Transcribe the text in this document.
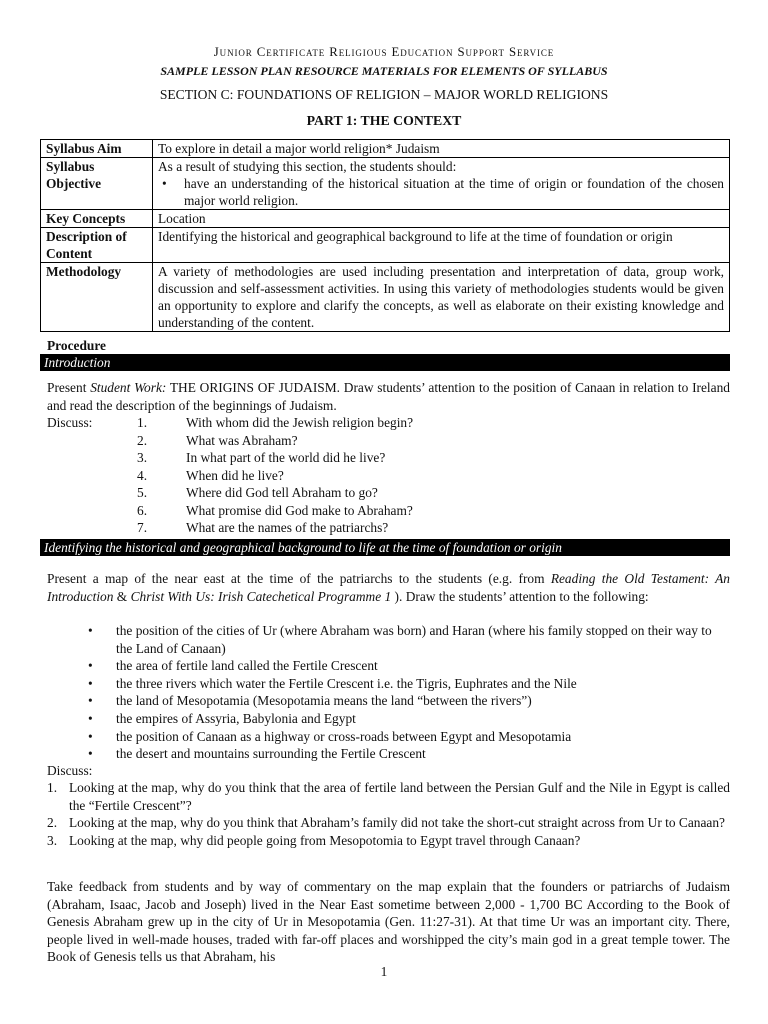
Junior Certificate Religious Education Support Service
SAMPLE LESSON PLAN RESOURCE MATERIALS FOR ELEMENTS OF SYLLABUS
SECTION C: FOUNDATIONS OF RELIGION – MAJOR WORLD RELIGIONS
PART 1: THE CONTEXT
Syllabus Aim	To explore in detail a major world religion* Judaism
Syllabus Objective	As a result of studying this section, the students should:
• have an understanding of the historical situation at the time of origin or foundation of the chosen major world religion.

Key Concepts	Location
Description of Content	Identifying the historical and geographical background to life at the time of foundation or origin
Methodology	A variety of methodologies are used including presentation and interpretation of data, group work, discussion and self-assessment activities. In using this variety of methodologies students would be given an opportunity to explore and clarify the concepts, as well as elaborate on their existing knowledge and understanding of the content.
Procedure
Introduction
Present Student Work: THE ORIGINS OF JUDAISM. Draw students’ attention to the position of Canaan in relation to Ireland and read the description of the beginnings of Judaism.
Discuss:	1.	With whom did the Jewish religion begin?
2.	What was Abraham?
3.	In what part of the world did he live?
4.	When did he live?
5.	Where did God tell Abraham to go?
6.	What promise did God make to Abraham?
7.	What are the names of the patriarchs?
Identifying the historical and geographical background to life at the time of foundation or origin
Present a map of the near east at the time of the patriarchs to the students (e.g. from Reading the Old Testament: An Introduction & Christ With Us: Irish Catechetical Programme 1 ). Draw the students’ attention to the following:
•	the position of the cities of Ur (where Abraham was born) and Haran (where his family stopped on their way to the Land of Canaan)
•	the area of fertile land called the Fertile Crescent
•	the three rivers which water the Fertile Crescent i.e. the Tigris, Euphrates and the Nile
•	the land of Mesopotamia (Mesopotamia means the land “between the rivers”)
•	the empires of Assyria, Babylonia and Egypt
•	the position of Canaan as a highway or cross-roads between Egypt and Mesopotamia
•	the desert and mountains surrounding the Fertile Crescent
Discuss:
1. Looking at the map, why do you think that the area of fertile land between the Persian Gulf and the Nile in Egypt is called the “Fertile Crescent”?
2. Looking at the map, why do you think that Abraham’s family did not take the short-cut straight across from Ur to Canaan?
3. Looking at the map, why did people going from Mesopotomia to Egypt travel through Canaan?
Take feedback from students and by way of commentary on the map explain that the founders or patriarchs of Judaism (Abraham, Isaac, Jacob and Joseph) lived in the Near East sometime between 2,000 - 1,700 BC According to the Book of Genesis Abraham grew up in the city of Ur in Mesopotamia (Gen. 11:27-31). At that time Ur was an important city. There, people lived in well-made houses, traded with far-off places and worshipped the city’s main god in a great temple tower. The Book of Genesis tells us that Abraham, his
1
